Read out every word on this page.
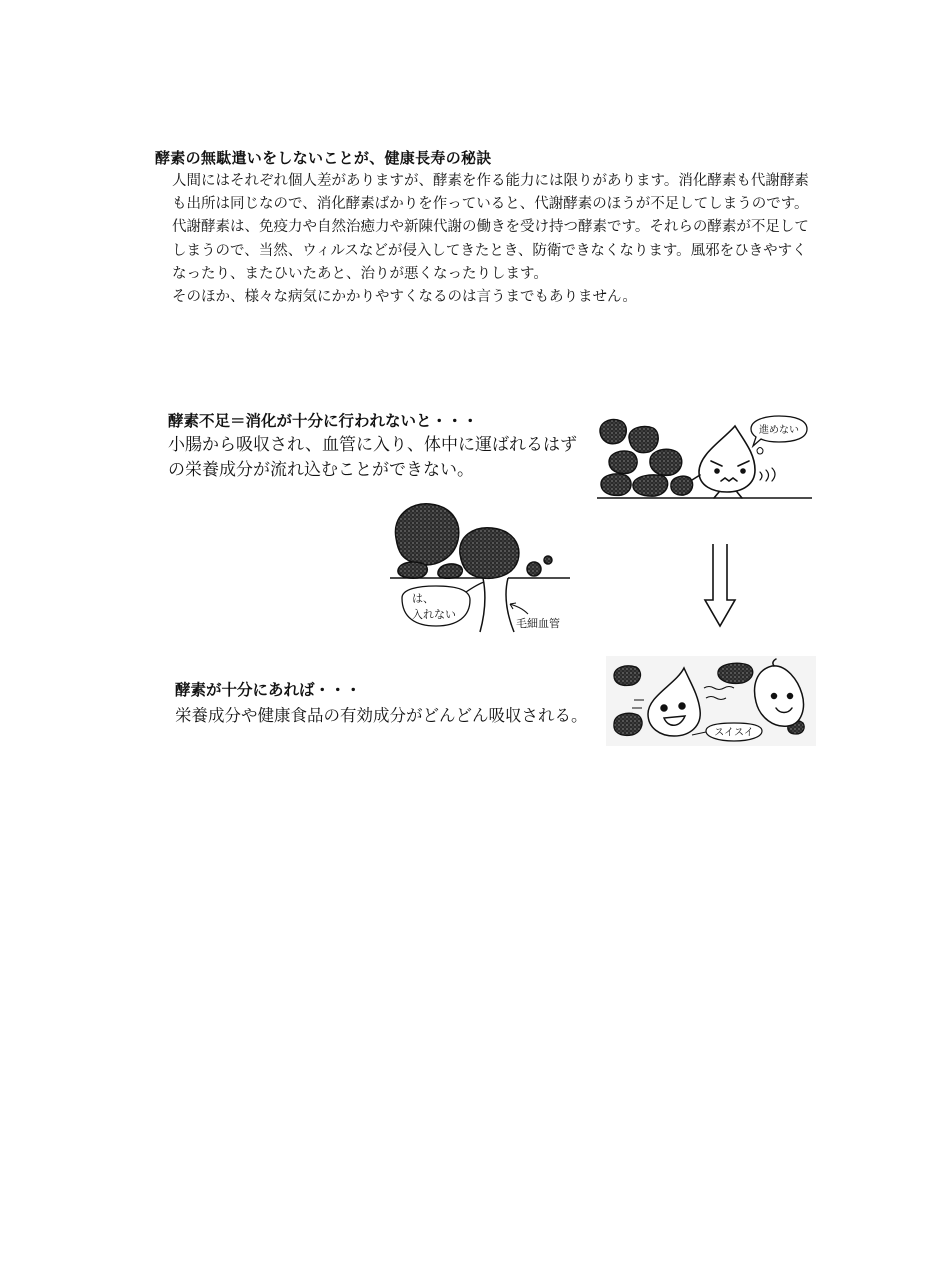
酵素の無駄遣いをしないことが、健康長寿の秘訣
人間にはそれぞれ個人差がありますが、酵素を作る能力には限りがあります。消化酵素も代謝酵素
も出所は同じなので、消化酵素ばかりを作っていると、代謝酵素のほうが不足してしまうのです。
代謝酵素は、免疫力や自然治癒力や新陳代謝の働きを受け持つ酵素です。それらの酵素が不足して
しまうので、当然、ウィルスなどが侵入してきたとき、防衛できなくなります。風邪をひきやすく
なったり、またひいたあと、治りが悪くなったりします。
そのほか、様々な病気にかかりやすくなるのは言うまでもありません。
酵素不足＝消化が十分に行われないと・・・
小腸から吸収され、血管に入り、体中に運ばれるはず
の栄養成分が流れ込むことができない。
進めない
は、
入れない
毛細血管
酵素が十分にあれば・・・
栄養成分や健康食品の有効成分がどんどん吸収される。
スイスイ
